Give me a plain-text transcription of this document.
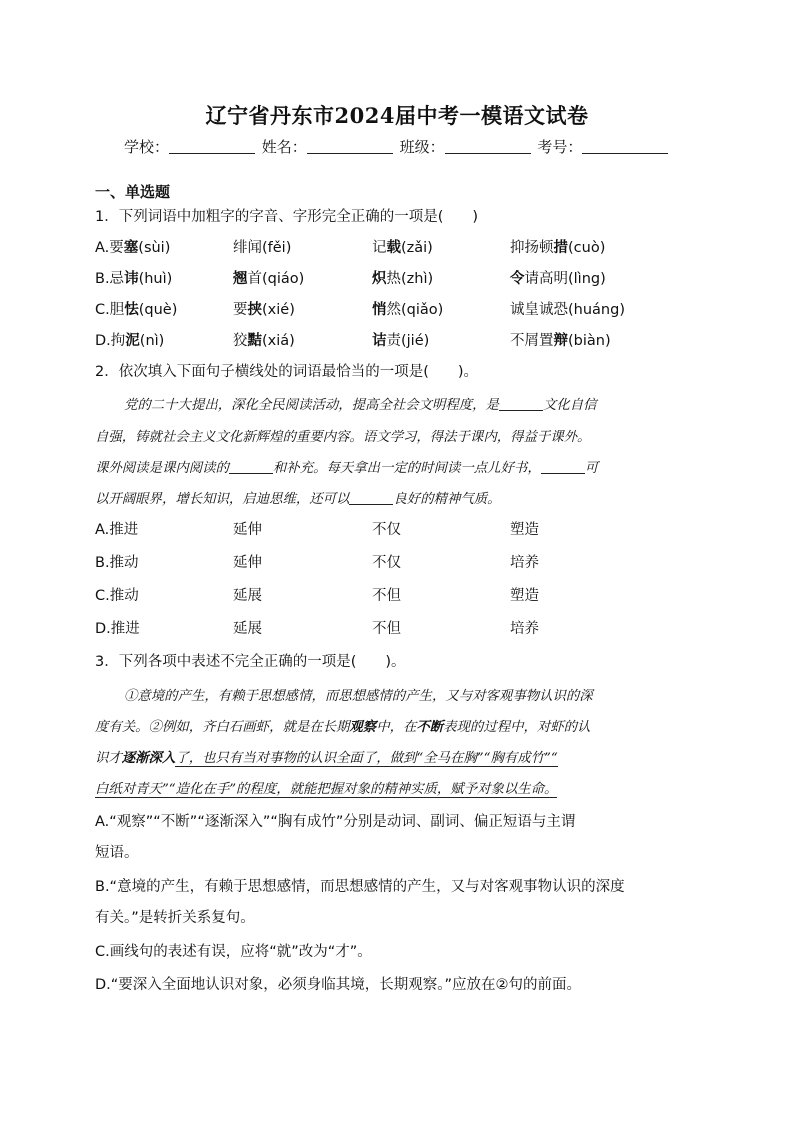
辽宁省丹东市2024届中考一模语文试卷
学校：	姓名：	班级：	考号：
一、单选题
1．下列词语中加粗字的字音、字形完全正确的一项是(　　)
A.要塞(sùi)	绯闻(fěi)	记载(zǎi)	抑扬顿措(cuò)
B.忌讳(huì)	翘首(qiáo)	炽热(zhì)	令请高明(lìng)
C.胆怯(què)	要挟(xié)	悄然(qiǎo)	诚皇诚恐(huáng)
D.拘泥(nì)	狡黠(xiá)	诘责(jié)	不屑置辩(biàn)
2．依次填入下面句子横线处的词语最恰当的一项是(　　)。
党的二十大提出，深化全民阅读活动，提高全社会文明程度，是	文化自信
自强，铸就社会主义文化新辉煌的重要内容。语文学习，得法于课内，得益于课外。
课外阅读是课内阅读的	和补充。每天拿出一定的时间读一点儿好书，	可
以开阔眼界，增长知识，启迪思维，还可以	良好的精神气质。
A.推进	延伸	不仅	塑造
B.推动	延伸	不仅	培养
C.推动	延展	不但	塑造
D.推进	延展	不但	培养
3．下列各项中表述不完全正确的一项是(　　)。
①意境的产生，有赖于思想感情，而思想感情的产生，又与对客观事物认识的深
度有关。②例如，齐白石画虾，就是在长期观察中，在不断表现的过程中，对虾的认
识才逐渐深入了，也只有当对事物的认识全面了，做到“全马在胸”“胸有成竹”“
白纸对青天”“造化在手”的程度，就能把握对象的精神实质，赋予对象以生命。
A.“观察”“不断”“逐渐深入”“胸有成竹”分别是动词、副词、偏正短语与主谓
短语。
B.“意境的产生，有赖于思想感情，而思想感情的产生，又与对客观事物认识的深度
有关。”是转折关系复句。
C.画线句的表述有误，应将“就”改为“才”。
D.“要深入全面地认识对象，必须身临其境，长期观察。”应放在②句的前面。
